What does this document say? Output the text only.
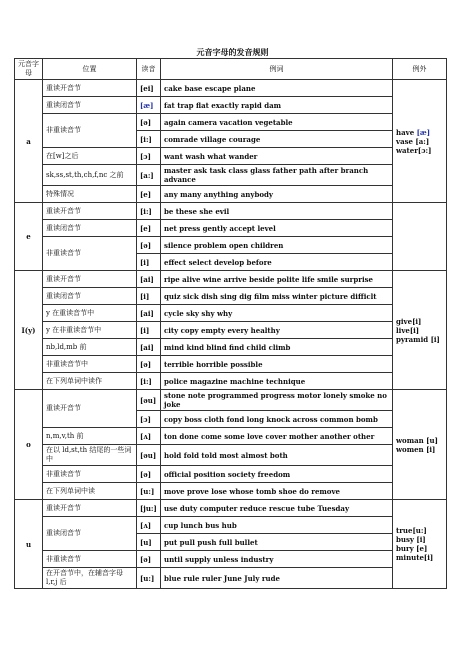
元音字母的发音规则
元音字母	位置	读音	例词	例外
a	重读开音节	[ei]	cake base escape plane	have [æ]
vase [a:]
water[ɔ:]

	重读闭音节	[æ]	fat trap flat exactly rapid dam	
	非重读音节	[ə]	again camera vacation vegetable	
		[i:]	comrade village courage	
	在[w]之后	[ɔ]	want wash what wander	
	sk,ss,st,th,ch,f,nc 之前	[a:]	master ask task class glass father path after branch advance	
	特殊情况	[e]	any many anything anybody	
e	重读开音节	[i:]	be these she evil	
	重读闭音节	[e]	net press gently accept level	
	非重读音节	[ə]	silence problem open children	
		[i]	effect select develop before	
I(y)	重读开音节	[ai]	ripe alive wine arrive beside polite life smile surprise	give[i]
live[i]
pyramid [i]

	重读闭音节	[i]	quiz sick dish sing dig film miss winter picture difficlt	
	y 在重读音节中	[ai]	cycle sky shy why	
	y 在非重读音节中	[i]	city copy empty every healthy	
	nb,ld,mb 前	[ai]	mind kind blind find child climb	
	非重读音节中	[ə]	terrible horrible possible	
	在下列单词中读作	[i:]	police magazine machine technique	
o	重读开音节	[əu]	stone note programmed progress motor lonely smoke no joke	woman [u]
women [i]

		[ɔ]	copy boss cloth fond long knock across common bomb	
	n,m,v,th 前	[ʌ]	ton done come some love cover mother another other	
	在以 ld,st,th 结尾的一些词中	[əu]	hold fold told most almost both	
	非重读音节	[ə]	official position society freedom	
	在下列单词中读	[u:]	move prove lose whose tomb shoe do remove	
u	重读开音节	[ju:]	use duty computer reduce rescue tube Tuesday	true[u:]
busy [i]
bury [e]
minute[i]

	重读闭音节	[ʌ]	cup lunch bus hub	
		[u]	put pull push full bullet	
	非重读音节	[ə]	until supply unless industry	
	在开音节中，在辅音字母 l,r,j 后	[u:]	blue rule ruler June July rude	
